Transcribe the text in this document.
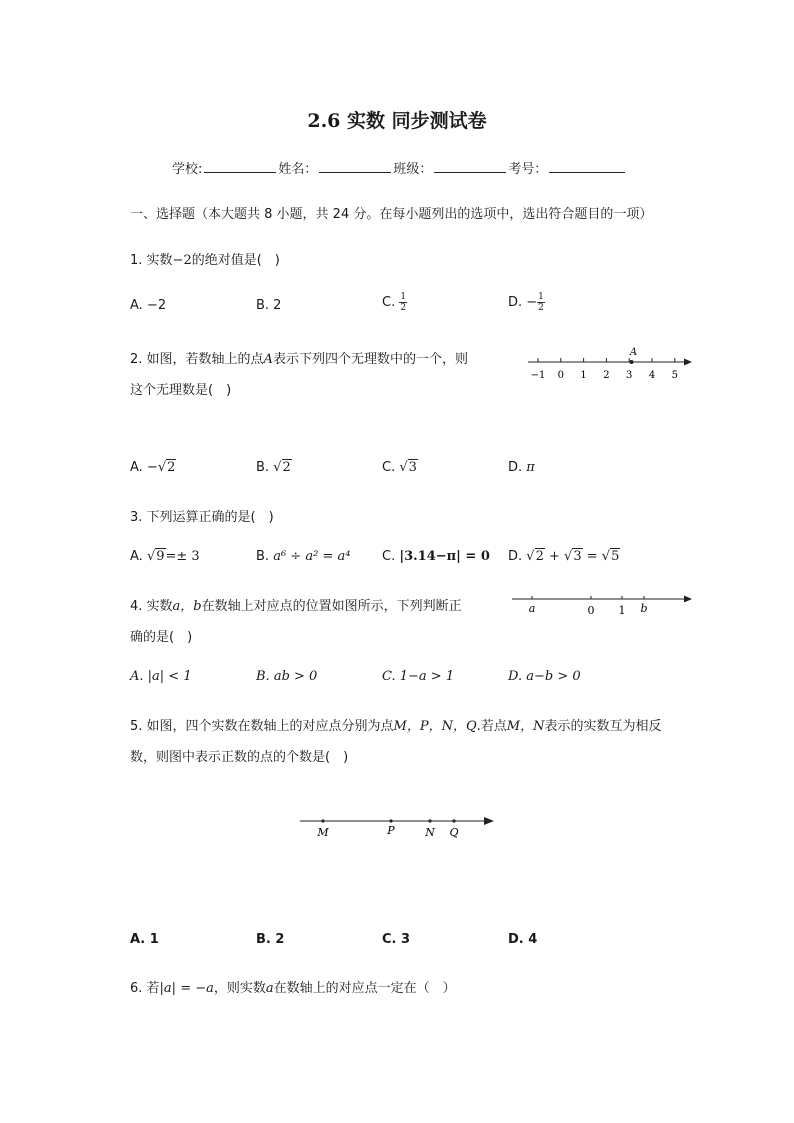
2.6 实数 同步测试卷
学校:	姓名：	班级：	考号：
一、选择题（本大题共 8 小题，共 24 分。在每小题列出的选项中，选出符合题目的一项）
1. 实数−2的绝对值是(　)
A. −2	B. 2	C. $\frac{1}{2}$	D. − $\frac{1}{2}$
2. 如图，若数轴上的点A表示下列四个无理数中的一个，则
这个无理数是(　)
−1 0 1 2 3 4 5
A
A. −√2	B. √2	C. √3	D. π
3. 下列运算正确的是(　)
A. √9=± 3	B. a⁶ ÷ a² = a⁴ C. |3.14−π| = 0 D. √2 + √3 = √5
4. 实数a，b在数轴上对应点的位置如图所示，下列判断正
确的是(　)
a	0 1 b
A. |a| < 1	B. ab > 0	C. 1−a > 1	D. a−b > 0
5. 如图，四个实数在数轴上的对应点分别为点M，P，N，Q.若点M，N表示的实数互为相反
数，则图中表示正数的点的个数是(　)
M	P	N Q
A. 1	B. 2	C. 3	D. 4
6. 若|a| = −a，则实数a在数轴上的对应点一定在（　）
